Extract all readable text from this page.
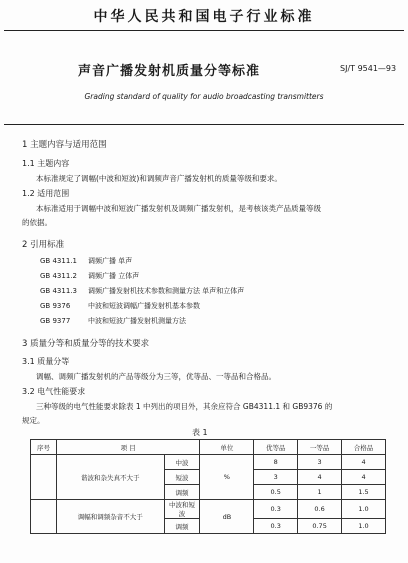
中华人民共和国电子行业标准
声音广播发射机质量分等标准	SJ/T 9541—93
Grading standard of quality for audio broadcasting transmitters
1 主题内容与适用范围
1.1 主题内容
本标准规定了调幅(中波和短波)和调频声音广播发射机的质量等级和要求。
1.2 适用范围
本标准适用于调幅中波和短波广播发射机及调频广播发射机，是考核该类产品质量等级
的依据。
2 引用标准
GB 4311.1 调频广播 单声
GB 4311.2 调频广播 立体声
GB 4311.3 调频广播发射机技术参数和测量方法 单声和立体声
GB 9376	中波和短波调幅广播发射机基本参数
GB 9377	中波和短波广播发射机测量方法
3 质量分等和质量分等的技术要求
3.1 质量分等
调幅、调频广播发射机的产品等级分为三等，优等品、一等品和合格品。
3.2 电气性能要求
三种等级的电气性能要求除表 1 中列出的项目外，其余应符合 GB4311.1 和 GB9376 的
规定。
表 1
序号	项 目		单位	优等品	一等品	合格品
	谐波和杂失真不大于	中波	%	8	3	4
		短波		3	4	4
		调频		0.5	1	1.5
	调幅和调频杂音不大于	中波和短波	dB	0.3	0.6	1.0
		调频		0.3	0.75	1.0
